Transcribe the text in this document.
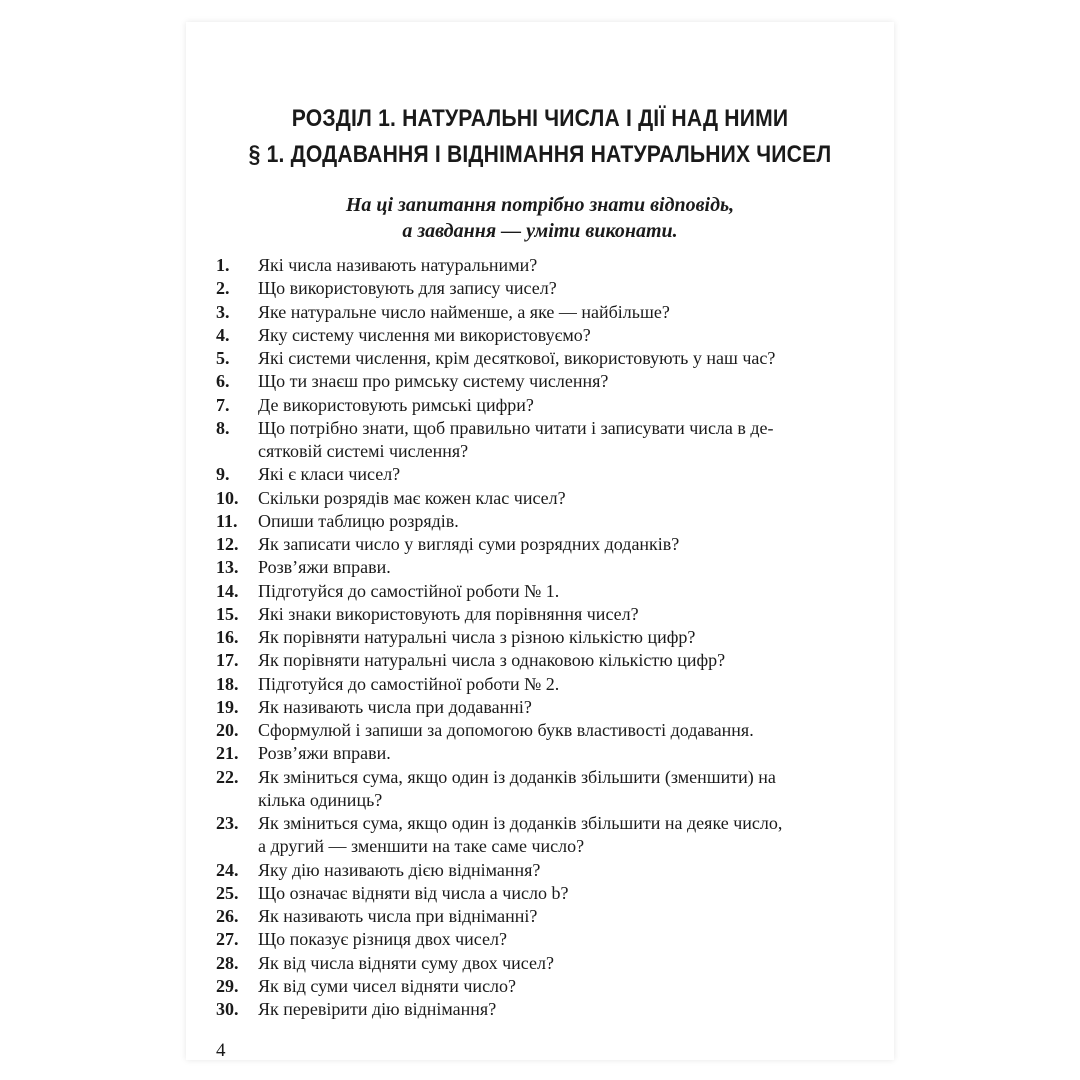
РОЗДІЛ 1. НАТУРАЛЬНІ ЧИСЛА І ДІЇ НАД НИМИ
§ 1. ДОДАВАННЯ І ВІДНІМАННЯ НАТУРАЛЬНИХ ЧИСЕЛ
На ці запитання потрібно знати відповідь,
а завдання — уміти виконати.
1. Які числа називають натуральними?
2. Що використовують для запису чисел?
3. Яке натуральне число найменше, а яке — найбільше?
4. Яку систему числення ми використовуємо?
5. Які системи числення, крім десяткової, використовують у наш час?
6. Що ти знаєш про римську систему числення?
7. Де використовують римські цифри?
8. Що потрібно знати, щоб правильно читати і записувати числа в де-
сятковій системі числення?
9. Які є класи чисел?
10. Скільки розрядів має кожен клас чисел?
11. Опиши таблицю розрядів.
12. Як записати число у вигляді суми розрядних доданків?
13. Розв’яжи вправи.
14. Підготуйся до самостійної роботи № 1.
15. Які знаки використовують для порівняння чисел?
16. Як порівняти натуральні числа з різною кількістю цифр?
17. Як порівняти натуральні числа з однаковою кількістю цифр?
18. Підготуйся до самостійної роботи № 2.
19. Як називають числа при додаванні?
20. Сформулюй і запиши за допомогою букв властивості додавання.
21. Розв’яжи вправи.
22. Як зміниться сума, якщо один із доданків збільшити (зменшити) на
кілька одиниць?
23. Як зміниться сума, якщо один із доданків збільшити на деяке число,
а другий — зменшити на таке саме число?
24. Яку дію називають дією віднімання?
25. Що означає відняти від числа a число b?
26. Як називають числа при відніманні?
27. Що показує різниця двох чисел?
28. Як від числа відняти суму двох чисел?
29. Як від суми чисел відняти число?
30. Як перевірити дію віднімання?
4
